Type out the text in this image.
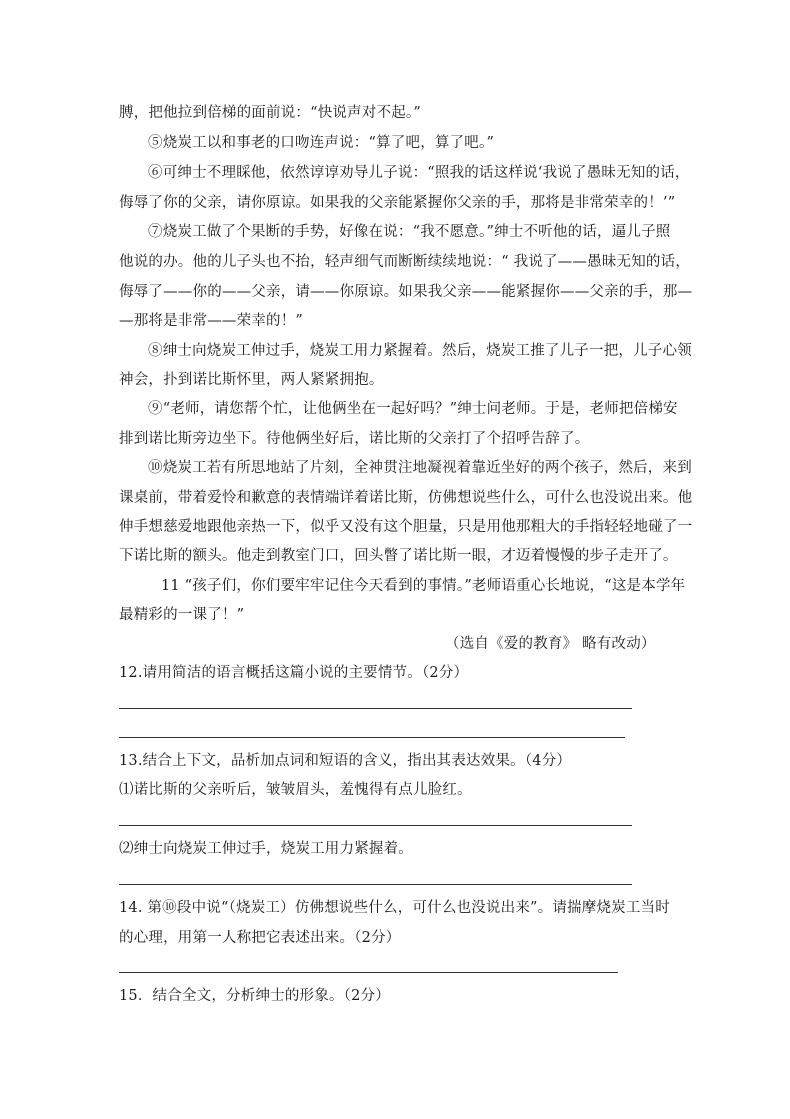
膊，把他拉到倍梯的面前说：“快说声对不起。”
⑤烧炭工以和事老的口吻连声说：“算了吧，算了吧。”
⑥可绅士不理睬他，依然谆谆劝导儿子说：“照我的话这样说‘我说了愚昧无知的话，
侮辱了你的父亲，请你原谅。如果我的父亲能紧握你父亲的手，那将是非常荣幸的！’”
⑦烧炭工做了个果断的手势，好像在说：“我不愿意。”绅士不听他的话，逼儿子照
他说的办。他的儿子头也不抬，轻声细气而断断续续地说：“ 我说了——愚昧无知的话，
侮辱了——你的——父亲，请——你原谅。如果我父亲——能紧握你——父亲的手，那—
—那将是非常——荣幸的！”
⑧绅士向烧炭工伸过手，烧炭工用力紧握着。然后，烧炭工推了儿子一把，儿子心领
神会，扑到诺比斯怀里，两人紧紧拥抱。
⑨“老师，请您帮个忙，让他俩坐在一起好吗？”绅士问老师。于是，老师把倍梯安
排到诺比斯旁边坐下。待他俩坐好后，诺比斯的父亲打了个招呼告辞了。
⑩烧炭工若有所思地站了片刻，全神贯注地凝视着靠近坐好的两个孩子，然后，来到
课桌前，带着爱怜和歉意的表情端详着诺比斯，仿佛想说些什么，可什么也没说出来。他
伸手想慈爱地跟他亲热一下，似乎又没有这个胆量，只是用他那粗大的手指轻轻地碰了一
下诺比斯的额头。他走到教室门口，回头瞥了诺比斯一眼，才迈着慢慢的步子走开了。
11 “孩子们，你们要牢牢记住今天看到的事情。”老师语重心长地说，“这是本学年
最精彩的一课了！”
（选自《爱的教育》 略有改动）
12.请用简洁的语言概括这篇小说的主要情节。（2分）
13.结合上下文，品析加点词和短语的含义，指出其表达效果。（4分）
⑴诺比斯的父亲听后，皱皱眉头，羞愧得有点儿脸红。
⑵绅士向烧炭工伸过手，烧炭工用力紧握着。
14. 第⑩段中说“（烧炭工）仿佛想说些什么，可什么也没说出来”。请揣摩烧炭工当时
的心理，用第一人称把它表述出来。（2分）
15．结合全文，分析绅士的形象。（2分）
